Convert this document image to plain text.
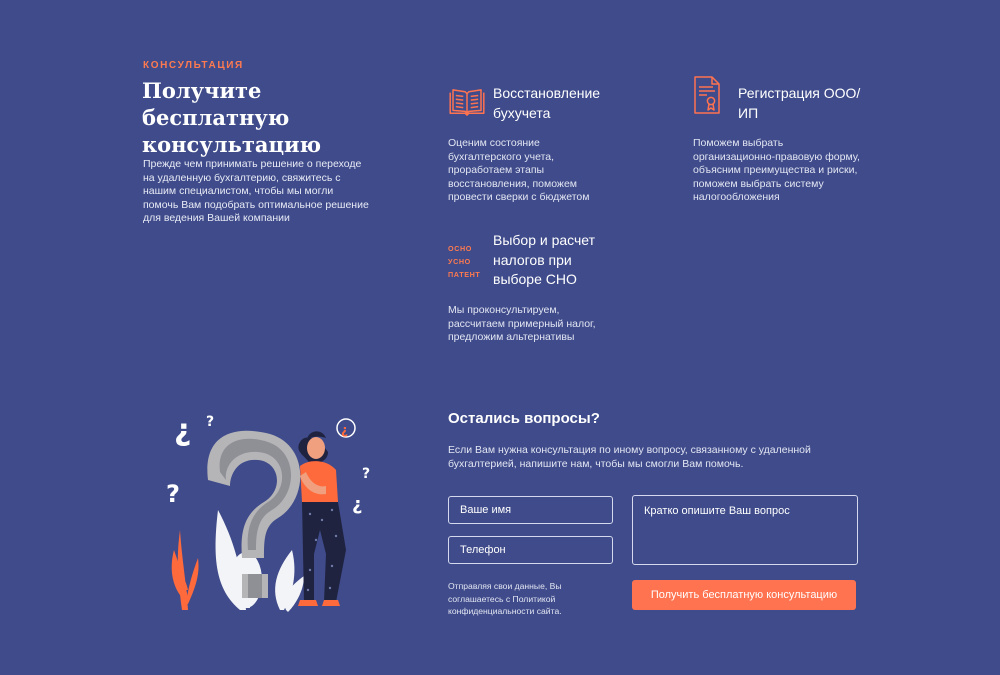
КОНСУЛЬТАЦИЯ
Получите бесплатную консультацию

Прежде чем принимать решение о переходе на удаленную бухгалтерию, свяжитесь с нашим специалистом, чтобы мы могли помочь Вам подобрать оптимальное решение для ведения Вашей компании

Восстановление бухучета

Оценим состояние бухгалтерского учета, проработаем этапы восстановления, поможем провести сверки с бюджетом

Регистрация ООО/ИП

Поможем выбрать организационно-правовую форму, объясним преимущества и риски, поможем выбрать систему налогообложения

ОСНО
УСНО
ПАТЕНТ
Выбор и расчет налогов при выборе СНО

Мы проконсультируем, рассчитаем примерный налог, предложим альтернативы

¿ ?
?
¿
?
¿
Остались вопросы?

Если Вам нужна консультация по иному вопросу, связанному с удаленной бухгалтерией, напишите нам, чтобы мы смогли Вам помочь.

Ваше имя
Телефон
Кратко опишите Ваш вопрос

Отправляя свои данные, Вы соглашаетесь с Политикой конфиденциальности сайта.

Получить бесплатную консультацию
